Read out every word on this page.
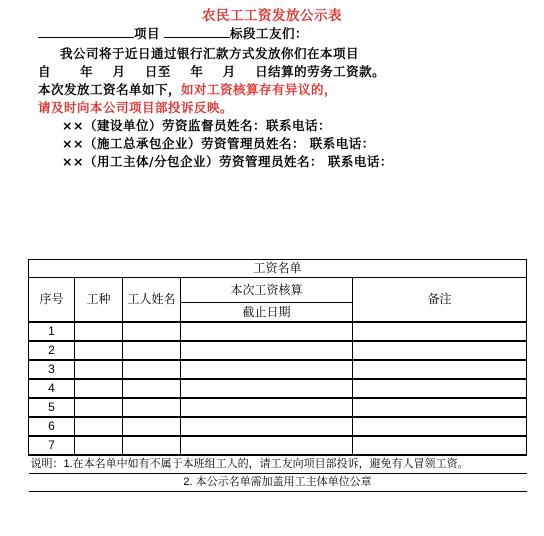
农民工工资发放公示表
项目	标段工友们：
我公司将于近日通过银行汇款方式发放你们在本项目
自      年    月    日至    年    月    日结算的劳务工资款。
本次发放工资名单如下，如对工资核算存有异议的，
请及时向本公司项目部投诉反映。
××（建设单位）劳资监督员姓名：联系电话：
××（施工总承包企业）劳资管理员姓名： 联系电话：
××（用工主体/分包企业）劳资管理员姓名： 联系电话：
工资名单				
序号	工种	工人姓名	本次工资核算	备注
			截止日期	
1				
2				
3				
4				
5				
6				
7				
说明：1.在本名单中如有不属于本班组工人的，请工友向项目部投诉，避免有人冒领工资。				
2. 本公示名单需加盖用工主体单位公章				
